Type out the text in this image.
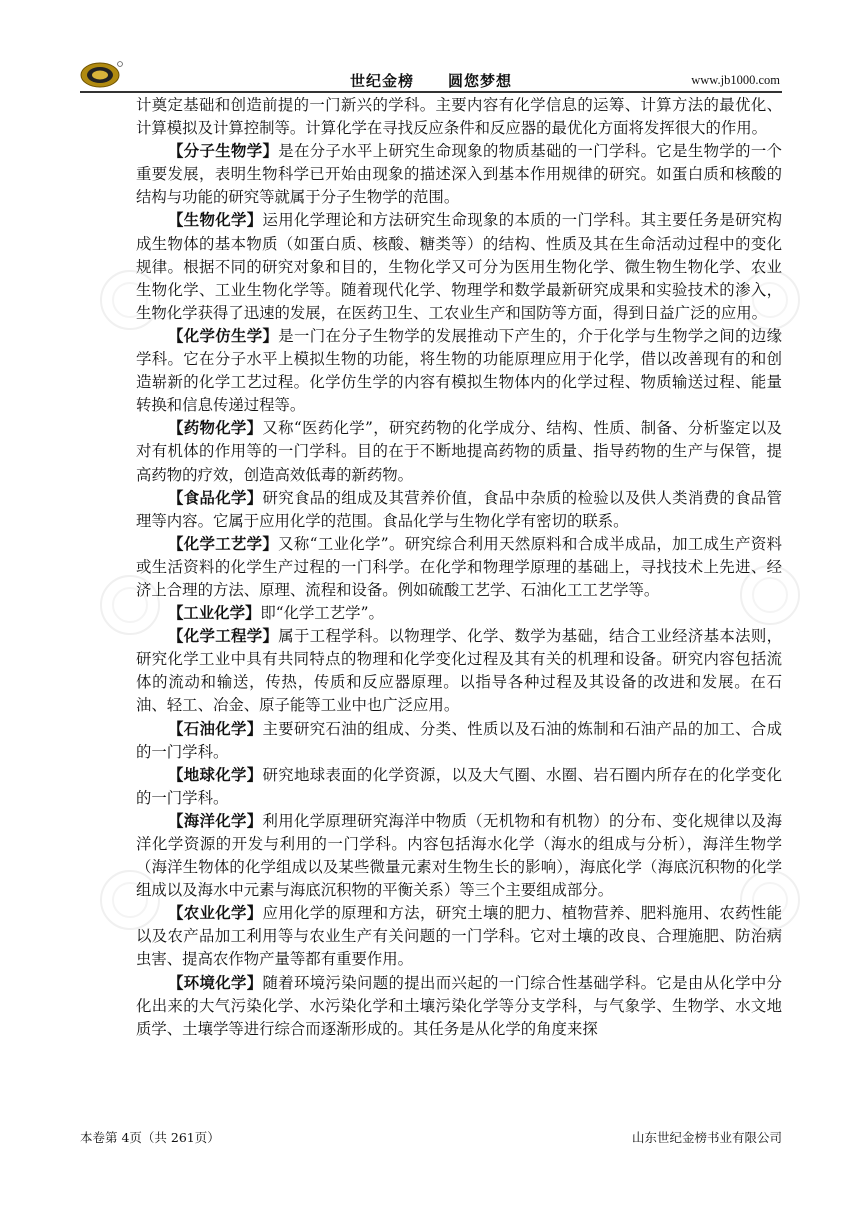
世纪金榜 圆您梦想	www.jb1000.com

计奠定基础和创造前提的一门新兴的学科。主要内容有化学信息的运筹、计算方法的最优化、计算模拟及计算控制等。计算化学在寻找反应条件和反应器的最优化方面将发挥很大的作用。

【分子生物学】是在分子水平上研究生命现象的物质基础的一门学科。它是生物学的一个重要发展，表明生物科学已开始由现象的描述深入到基本作用规律的研究。如蛋白质和核酸的结构与功能的研究等就属于分子生物学的范围。

【生物化学】运用化学理论和方法研究生命现象的本质的一门学科。其主要任务是研究构成生物体的基本物质（如蛋白质、核酸、糖类等）的结构、性质及其在生命活动过程中的变化规律。根据不同的研究对象和目的，生物化学又可分为医用生物化学、微生物生物化学、农业生物化学、工业生物化学等。随着现代化学、物理学和数学最新研究成果和实验技术的渗入，生物化学获得了迅速的发展，在医药卫生、工农业生产和国防等方面，得到日益广泛的应用。

【化学仿生学】是一门在分子生物学的发展推动下产生的，介于化学与生物学之间的边缘学科。它在分子水平上模拟生物的功能，将生物的功能原理应用于化学，借以改善现有的和创造崭新的化学工艺过程。化学仿生学的内容有模拟生物体内的化学过程、物质输送过程、能量转换和信息传递过程等。

【药物化学】又称“医药化学”，研究药物的化学成分、结构、性质、制备、分析鉴定以及对有机体的作用等的一门学科。目的在于不断地提高药物的质量、指导药物的生产与保管，提高药物的疗效，创造高效低毒的新药物。

【食品化学】研究食品的组成及其营养价值，食品中杂质的检验以及供人类消费的食品管理等内容。它属于应用化学的范围。食品化学与生物化学有密切的联系。

【化学工艺学】又称“工业化学”。研究综合利用天然原料和合成半成品，加工成生产资料或生活资料的化学生产过程的一门科学。在化学和物理学原理的基础上，寻找技术上先进、经济上合理的方法、原理、流程和设备。例如硫酸工艺学、石油化工工艺学等。

【工业化学】即“化学工艺学”。

【化学工程学】属于工程学科。以物理学、化学、数学为基础，结合工业经济基本法则，研究化学工业中具有共同特点的物理和化学变化过程及其有关的机理和设备。研究内容包括流体的流动和输送，传热，传质和反应器原理。以指导各种过程及其设备的改进和发展。在石油、轻工、冶金、原子能等工业中也广泛应用。

【石油化学】主要研究石油的组成、分类、性质以及石油的炼制和石油产品的加工、合成的一门学科。

【地球化学】研究地球表面的化学资源，以及大气圈、水圈、岩石圈内所存在的化学变化的一门学科。

【海洋化学】利用化学原理研究海洋中物质（无机物和有机物）的分布、变化规律以及海洋化学资源的开发与利用的一门学科。内容包括海水化学（海水的组成与分析），海洋生物学（海洋生物体的化学组成以及某些微量元素对生物生长的影响），海底化学（海底沉积物的化学组成以及海水中元素与海底沉积物的平衡关系）等三个主要组成部分。

【农业化学】应用化学的原理和方法，研究土壤的肥力、植物营养、肥料施用、农药性能以及农产品加工利用等与农业生产有关问题的一门学科。它对土壤的改良、合理施肥、防治病虫害、提高农作物产量等都有重要作用。

【环境化学】随着环境污染问题的提出而兴起的一门综合性基础学科。它是由从化学中分化出来的大气污染化学、水污染化学和土壤污染化学等分支学科，与气象学、生物学、水文地质学、土壤学等进行综合而逐渐形成的。其任务是从化学的角度来探

本卷第 4页（共 261页）	山东世纪金榜书业有限公司
